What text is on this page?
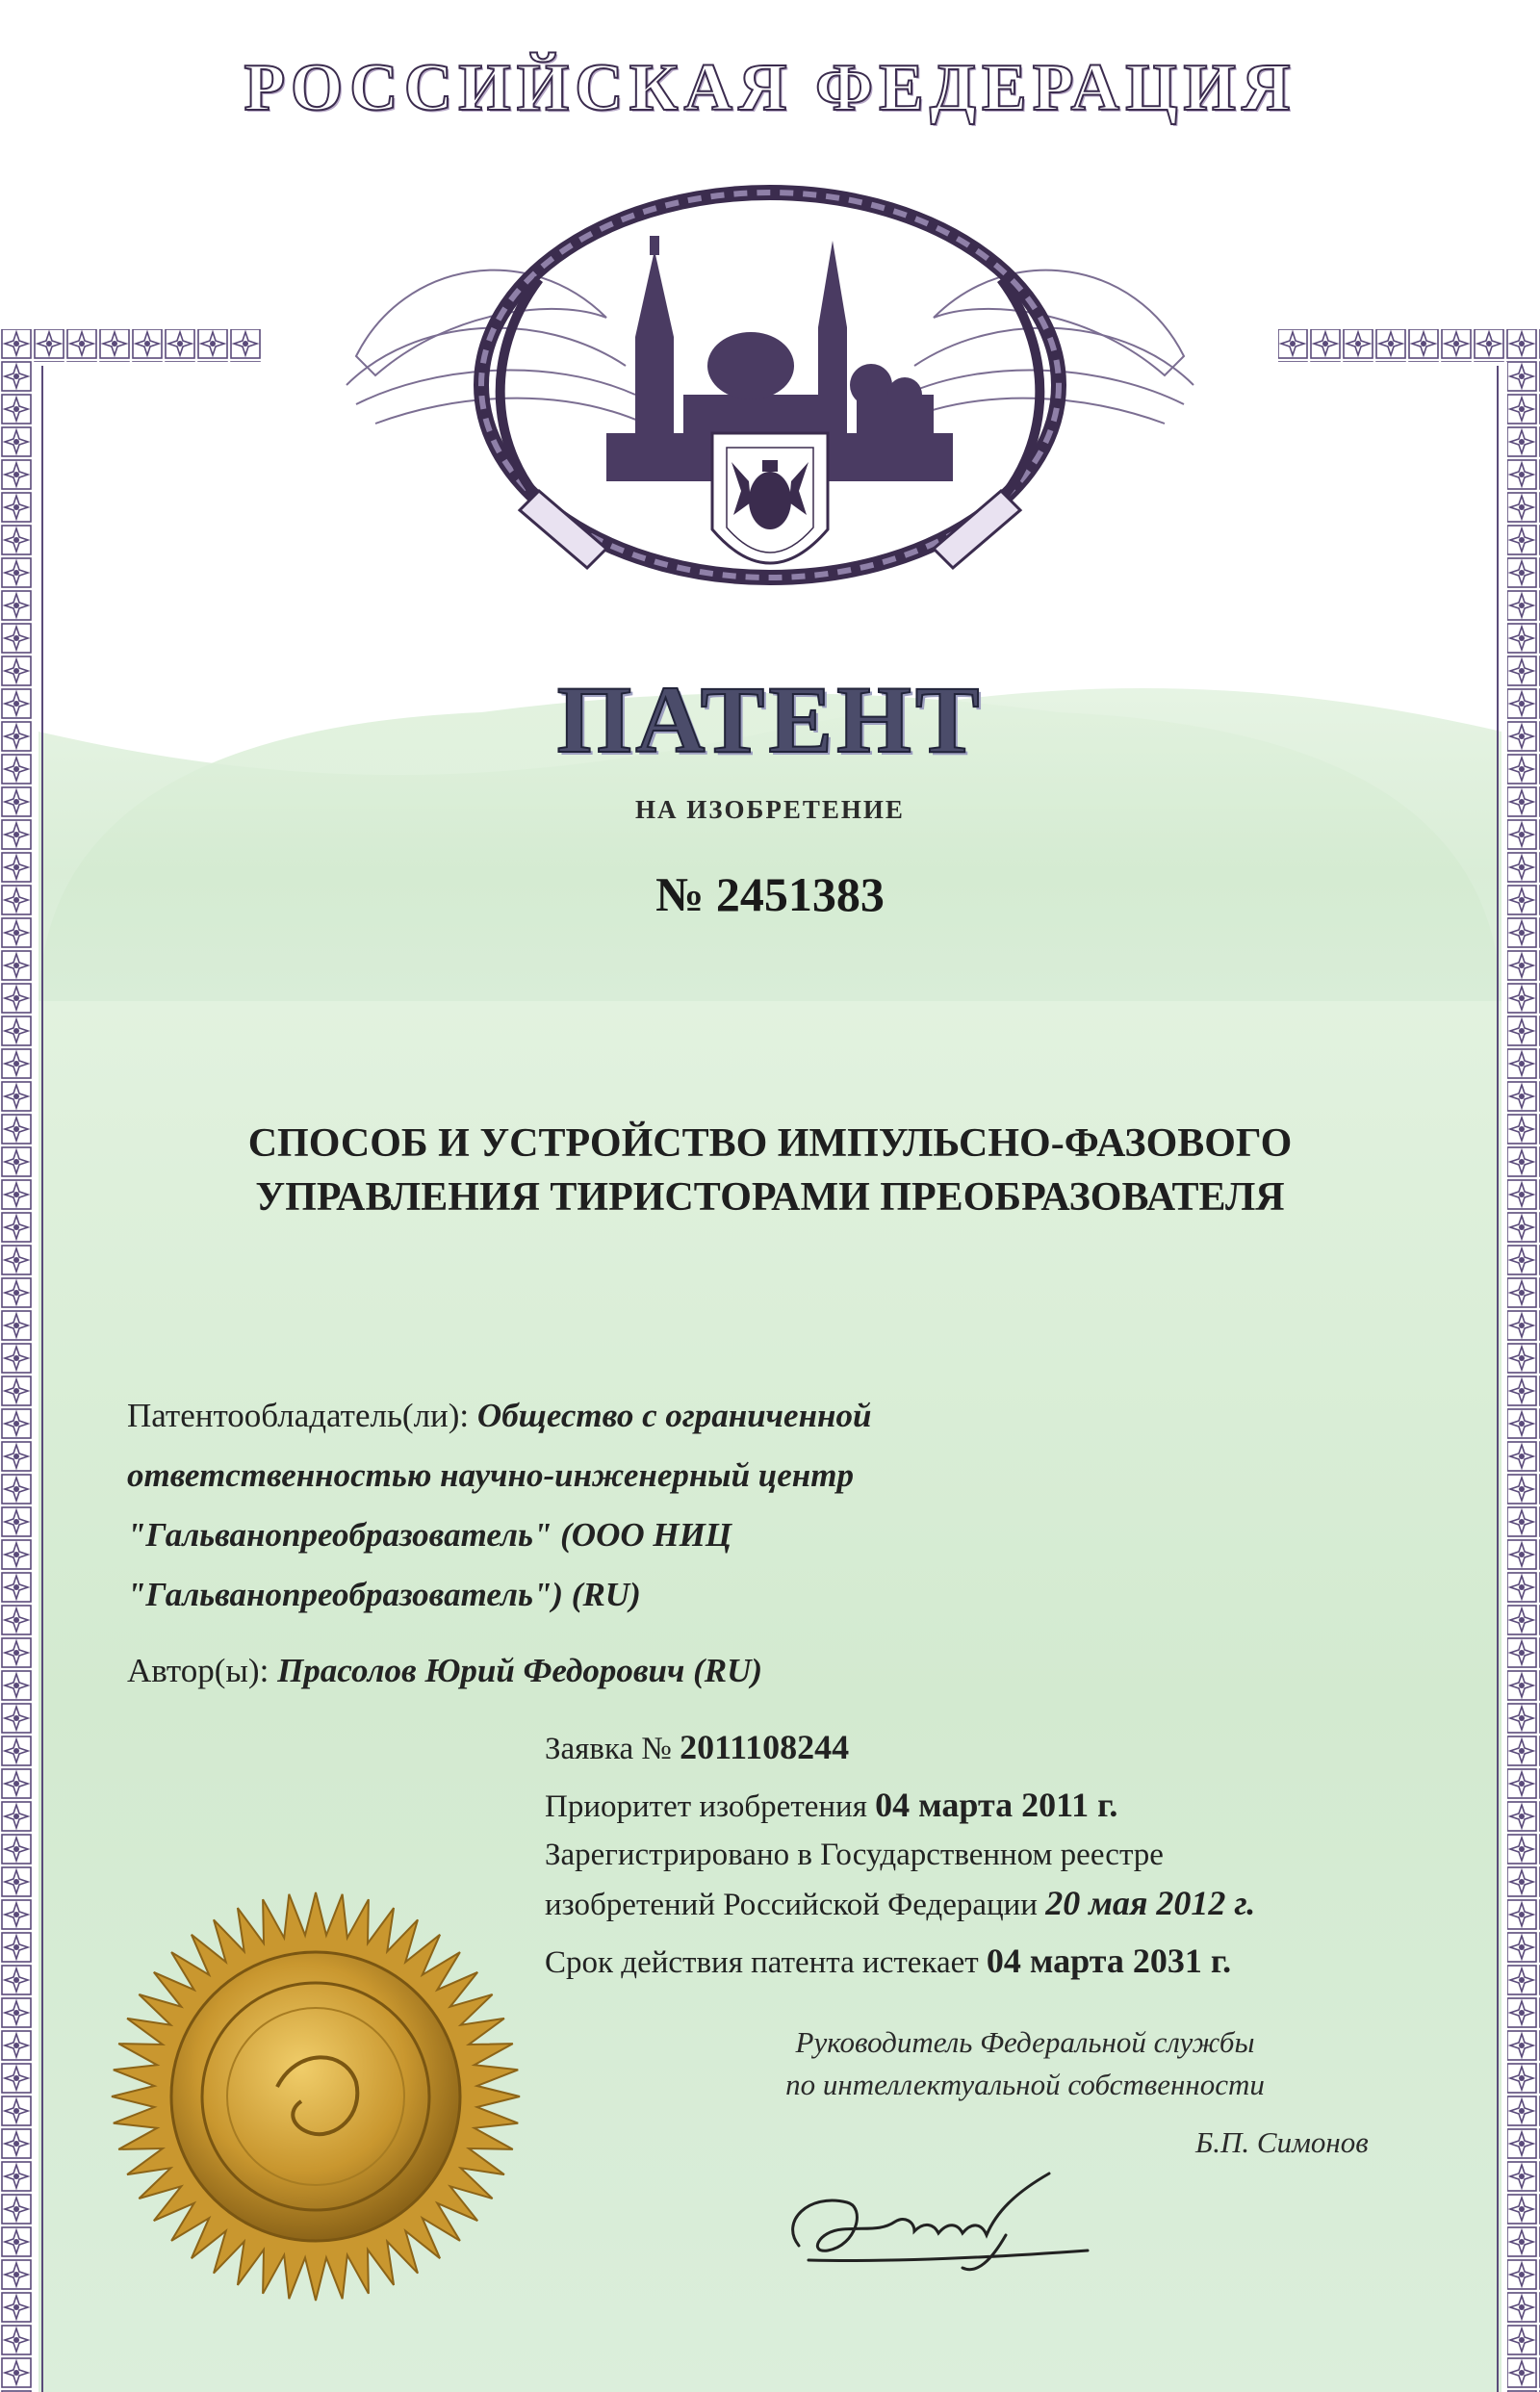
РОССИЙСКАЯ ФЕДЕРАЦИЯ
ПАТЕНТ
НА ИЗОБРЕТЕНИЕ
№ 2451383
СПОСОБ И УСТРОЙСТВО ИМПУЛЬСНО-ФАЗОВОГО
УПРАВЛЕНИЯ ТИРИСТОРАМИ ПРЕОБРАЗОВАТЕЛЯ
Патентообладатель(ли): Общество с ограниченной
ответственностью научно-инженерный центр
"Гальванопреобразователь" (ООО НИЦ
"Гальванопреобразователь") (RU)
Автор(ы): Прасолов Юрий Федорович (RU)
Заявка № 2011108244
Приоритет изобретения 04 марта 2011 г.
Зарегистрировано в Государственном реестре
изобретений Российской Федерации 20 мая 2012 г.
Срок действия патента истекает 04 марта 2031 г.
Руководитель Федеральной службы
по интеллектуальной собственности
Б.П. Симонов
